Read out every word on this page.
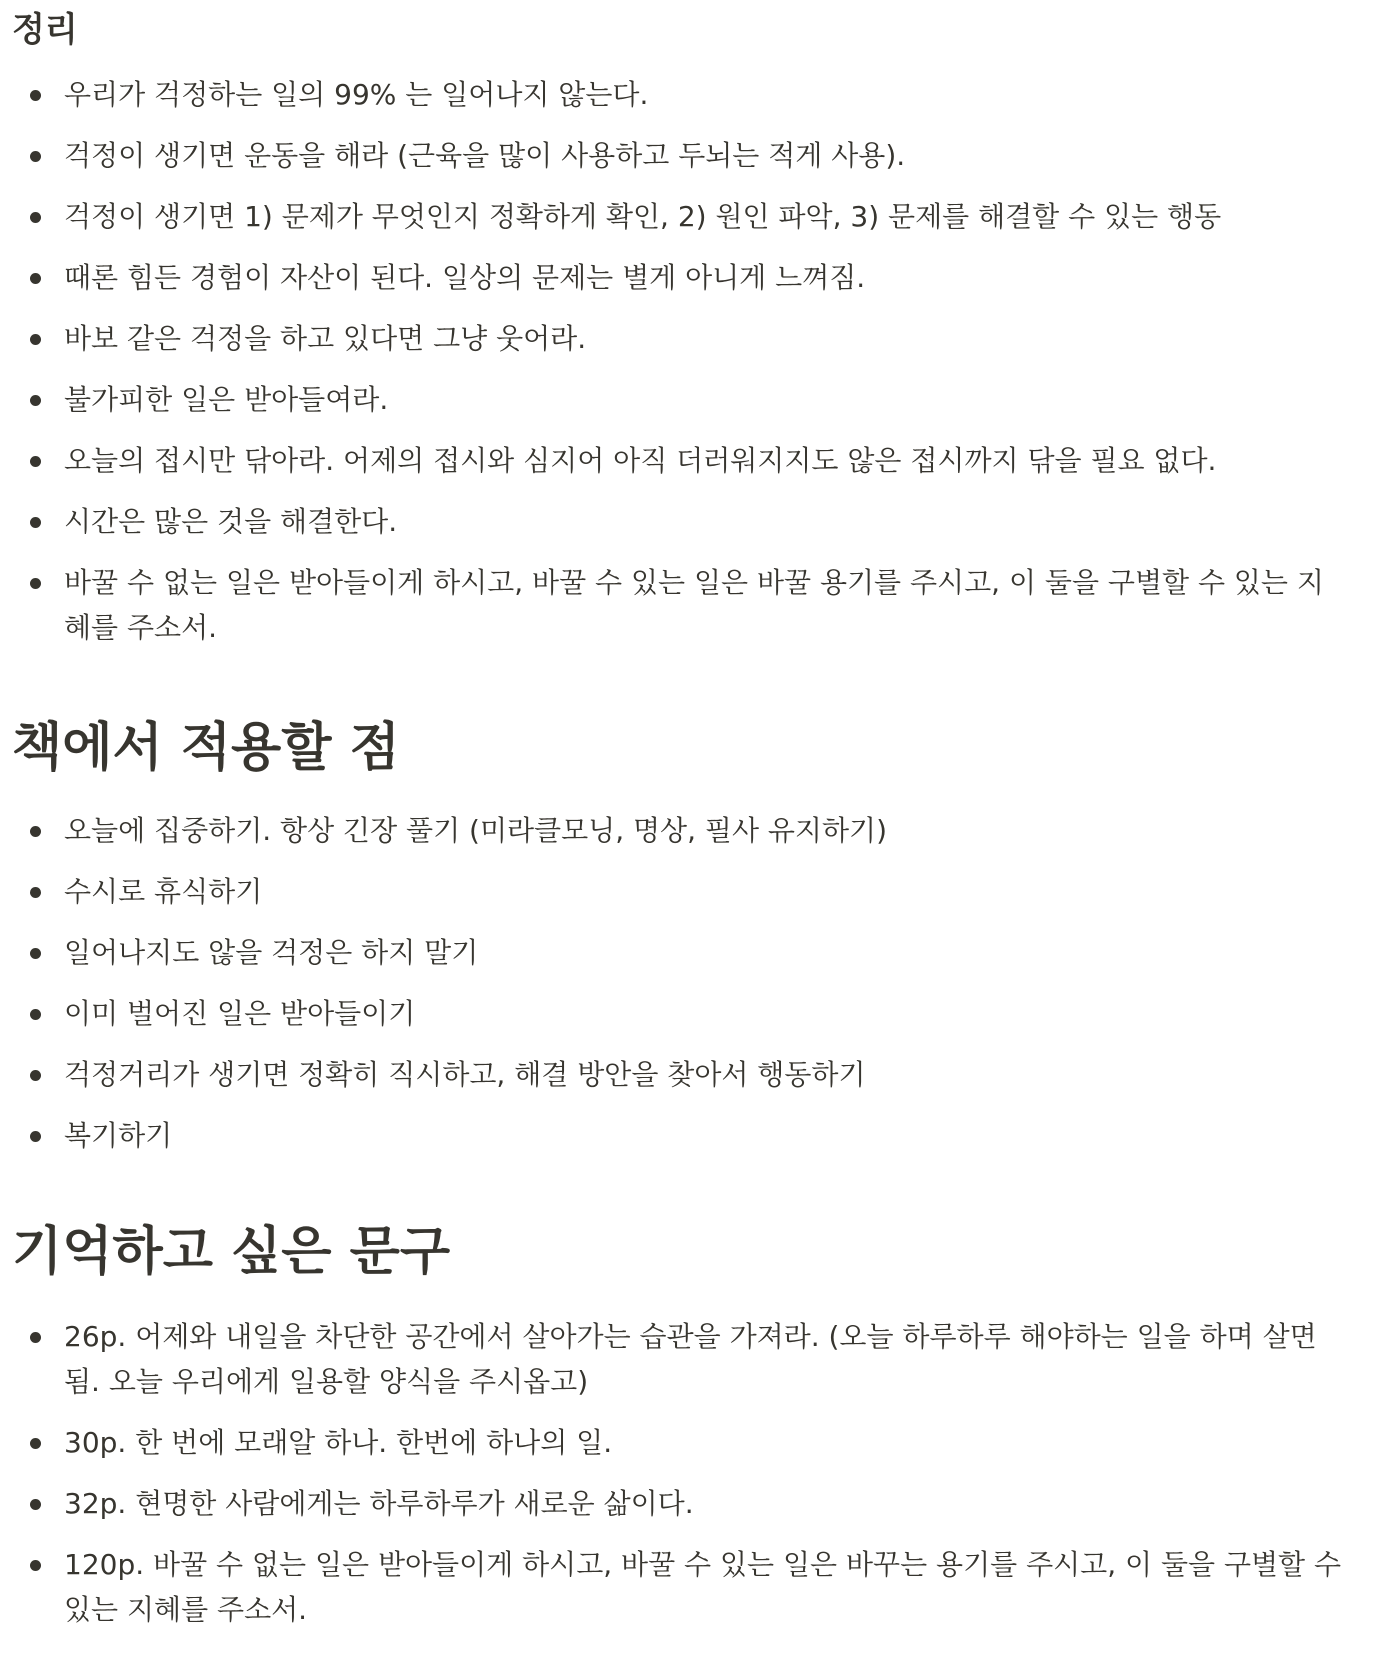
정리
우리가 걱정하는 일의 99% 는 일어나지 않는다.
걱정이 생기면 운동을 해라 (근육을 많이 사용하고 두뇌는 적게 사용).
걱정이 생기면 1) 문제가 무엇인지 정확하게 확인, 2) 원인 파악, 3) 문제를 해결할 수 있는 행동
때론 힘든 경험이 자산이 된다. 일상의 문제는 별게 아니게 느껴짐.
바보 같은 걱정을 하고 있다면 그냥 웃어라.
불가피한 일은 받아들여라.
오늘의 접시만 닦아라. 어제의 접시와 심지어 아직 더러워지지도 않은 접시까지 닦을 필요 없다.
시간은 많은 것을 해결한다.
바꿀 수 없는 일은 받아들이게 하시고, 바꿀 수 있는 일은 바꿀 용기를 주시고, 이 둘을 구별할 수 있는 지혜를 주소서.
책에서 적용할 점
오늘에 집중하기. 항상 긴장 풀기 (미라클모닝, 명상, 필사 유지하기)
수시로 휴식하기
일어나지도 않을 걱정은 하지 말기
이미 벌어진 일은 받아들이기
걱정거리가 생기면 정확히 직시하고, 해결 방안을 찾아서 행동하기
복기하기
기억하고 싶은 문구
26p. 어제와 내일을 차단한 공간에서 살아가는 습관을 가져라. (오늘 하루하루 해야하는 일을 하며 살면 됨. 오늘 우리에게 일용할 양식을 주시옵고)
30p. 한 번에 모래알 하나. 한번에 하나의 일.
32p. 현명한 사람에게는 하루하루가 새로운 삶이다.
120p. 바꿀 수 없는 일은 받아들이게 하시고, 바꿀 수 있는 일은 바꾸는 용기를 주시고, 이 둘을 구별할 수 있는 지혜를 주소서.
